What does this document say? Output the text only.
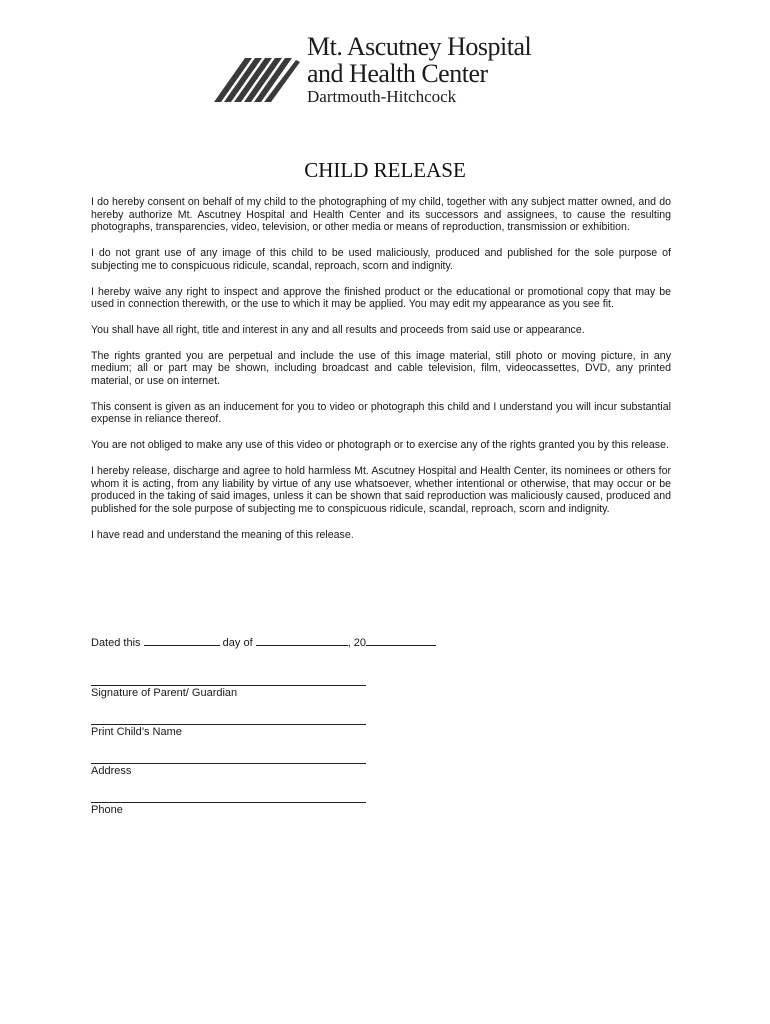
Mt. Ascutney Hospital
and Health Center
Dartmouth-Hitchcock
CHILD RELEASE

I do hereby consent on behalf of my child to the photographing of my child, together with any subject matter owned, and do hereby authorize Mt. Ascutney Hospital and Health Center and its successors and assignees, to cause the resulting photographs, transparencies, video, television, or other media or means of reproduction, transmission or exhibition.

I do not grant use of any image of this child to be used maliciously, produced and published for the sole purpose of subjecting me to conspicuous ridicule, scandal, reproach, scorn and indignity.

I hereby waive any right to inspect and approve the finished product or the educational or promotional copy that may be used in connection therewith, or the use to which it may be applied. You may edit my appearance as you see fit.

You shall have all right, title and interest in any and all results and proceeds from said use or appearance.

The rights granted you are perpetual and include the use of this image material, still photo or moving picture, in any medium; all or part may be shown, including broadcast and cable television, film, videocassettes, DVD, any printed material, or use on internet.

This consent is given as an inducement for you to video or photograph this child and I understand you will incur substantial expense in reliance thereof.

You are not obliged to make any use of this video or photograph or to exercise any of the rights granted you by this release.

I hereby release, discharge and agree to hold harmless Mt. Ascutney Hospital and Health Center, its nominees or others for whom it is acting, from any liability by virtue of any use whatsoever, whether intentional or otherwise, that may occur or be produced in the taking of said images, unless it can be shown that said reproduction was maliciously caused, produced and published for the sole purpose of subjecting me to conspicuous ridicule, scandal, reproach, scorn and indignity.

I have read and understand the meaning of this release.

Dated this	day of	, 20
Signature of Parent/ Guardian
Print Child’s Name
Address
Phone
